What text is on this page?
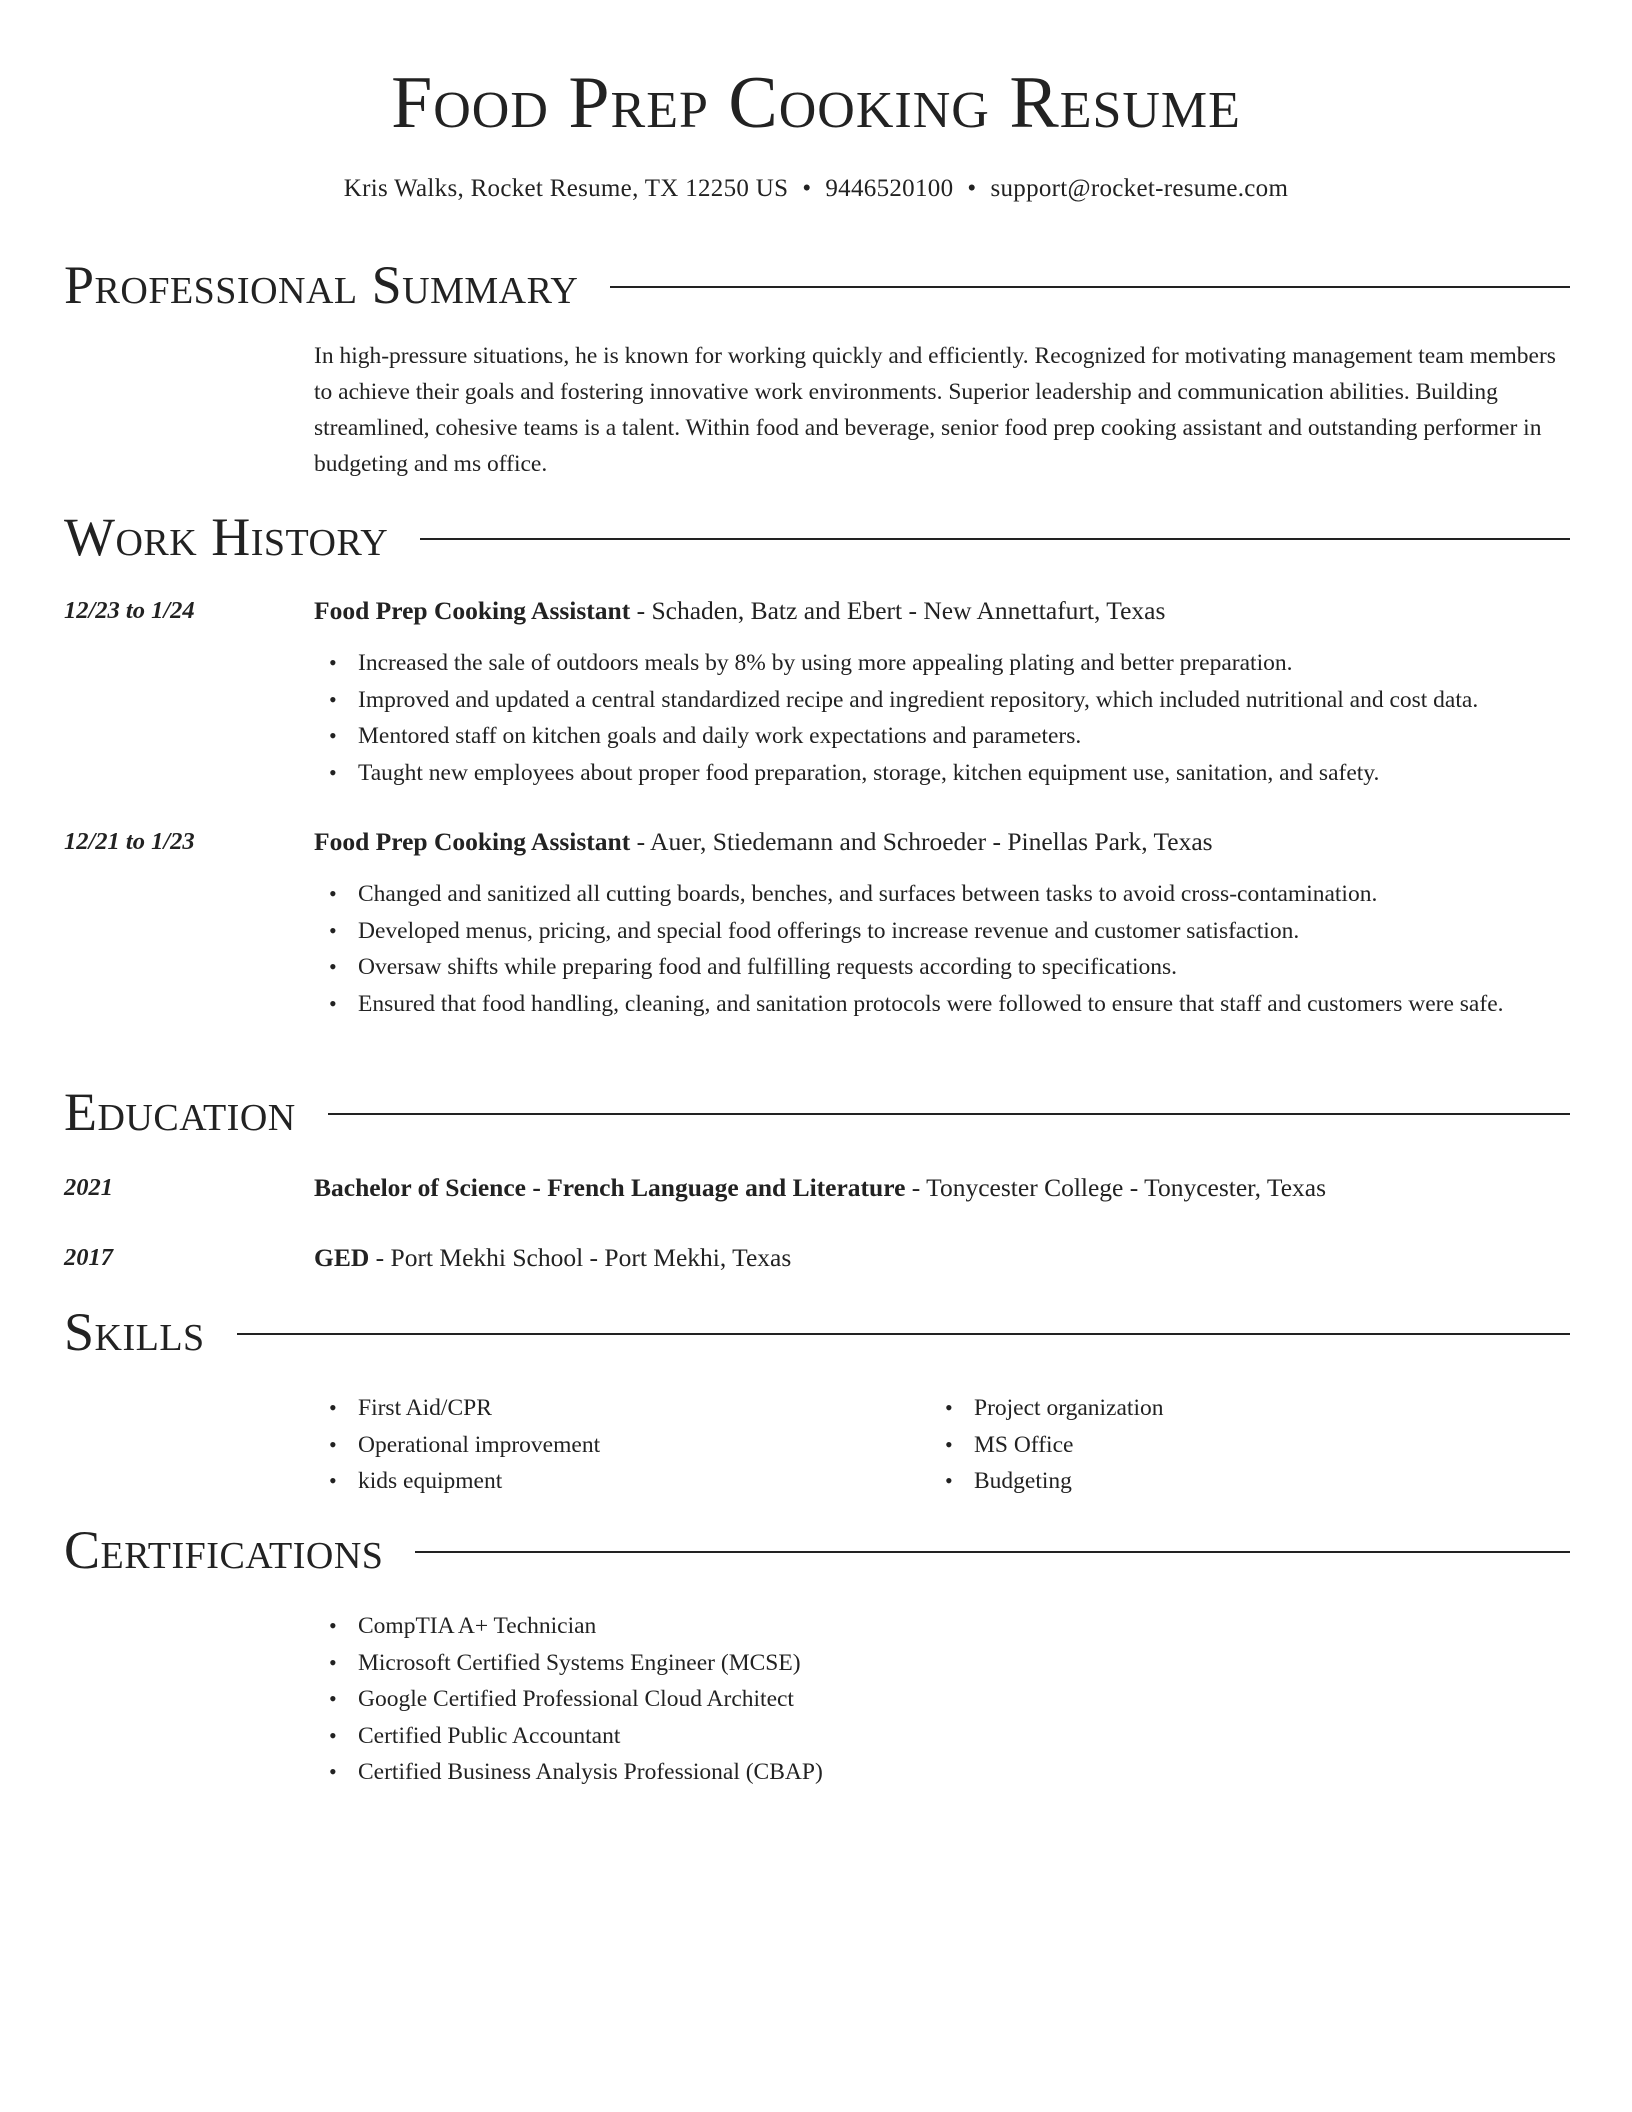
Food Prep Cooking Resume
Kris Walks, Rocket Resume, TX 12250 US • 9446520100 • support@rocket-resume.com
Professional Summary

In high-pressure situations, he is known for working quickly and efficiently. Recognized for motivating management team members to achieve their goals and fostering innovative work environments. Superior leadership and communication abilities. Building streamlined, cohesive teams is a talent. Within food and beverage, senior food prep cooking assistant and outstanding performer in budgeting and ms office.

Work History
12/23 to 1/24	Food Prep Cooking Assistant - Schaden, Batz and Ebert - New Annettafurt, Texas
• Increased the sale of outdoors meals by 8% by using more appealing plating and better preparation.
• Improved and updated a central standardized recipe and ingredient repository, which included nutritional and cost data.
• Mentored staff on kitchen goals and daily work expectations and parameters.
• Taught new employees about proper food preparation, storage, kitchen equipment use, sanitation, and safety.
12/21 to 1/23	Food Prep Cooking Assistant - Auer, Stiedemann and Schroeder - Pinellas Park, Texas
• Changed and sanitized all cutting boards, benches, and surfaces between tasks to avoid cross-contamination.
• Developed menus, pricing, and special food offerings to increase revenue and customer satisfaction.
• Oversaw shifts while preparing food and fulfilling requests according to specifications.
• Ensured that food handling, cleaning, and sanitation protocols were followed to ensure that staff and customers were safe.
Education
2021	Bachelor of Science - French Language and Literature - Tonycester College - Tonycester, Texas
2017	GED - Port Mekhi School - Port Mekhi, Texas
Skills
• First Aid/CPR
• Operational improvement
• kids equipment
• Project organization
• MS Office
• Budgeting
Certifications
• CompTIA A+ Technician
• Microsoft Certified Systems Engineer (MCSE)
• Google Certified Professional Cloud Architect
• Certified Public Accountant
• Certified Business Analysis Professional (CBAP)
